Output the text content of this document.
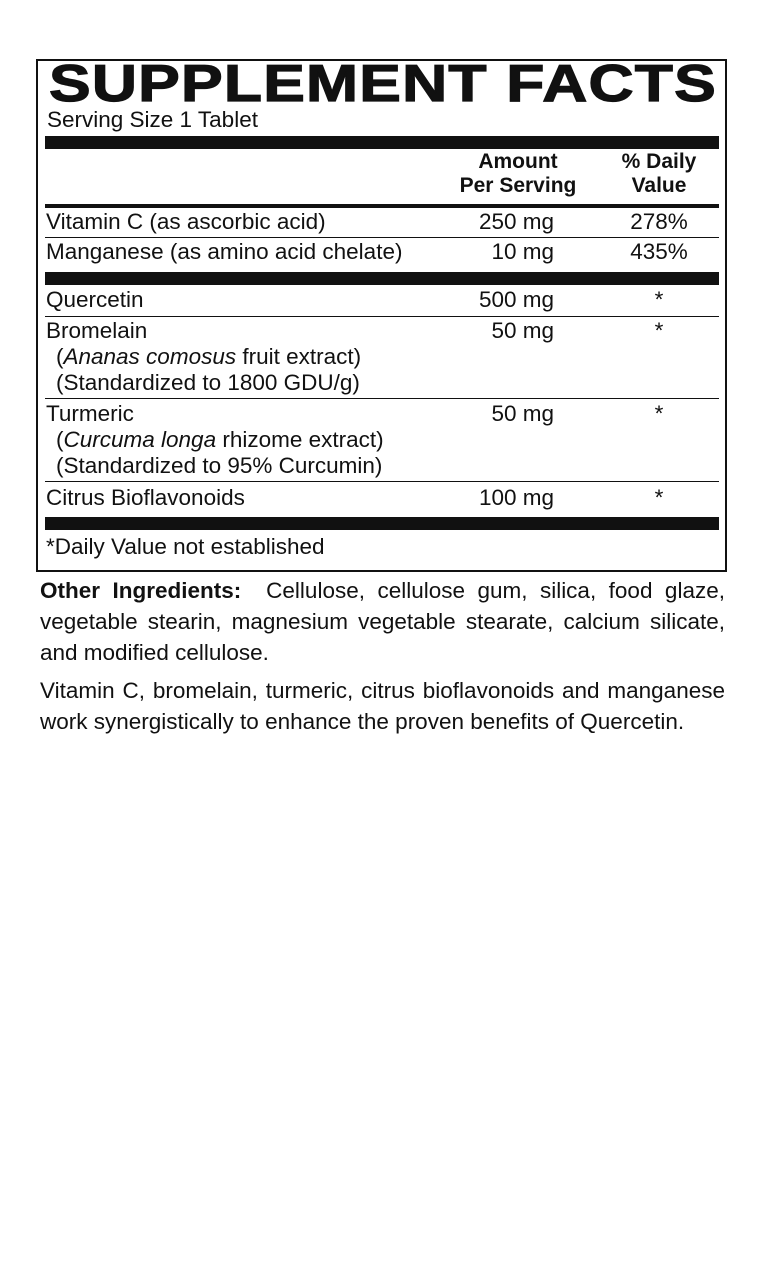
SUPPLEMENT FACTS
Serving Size 1 Tablet
Amount
Per Serving
% Daily
Value
Vitamin C (as ascorbic acid)	250 mg	278%
Manganese (as amino acid chelate)	10 mg	435%
Quercetin	500 mg	*
Bromelain	50 mg	*
(Ananas comosus fruit extract)
(Standardized to 1800 GDU/g)
Turmeric	50 mg	*
(Curcuma longa rhizome extract)
(Standardized to 95% Curcumin)
Citrus Bioflavonoids	100 mg	*
*Daily Value not established

Other Ingredients: Cellulose, cellulose gum, silica, food glaze, vegetable stearin, magnesium vegetable stearate, calcium silicate, and modified cellulose.

Vitamin C, bromelain, turmeric, citrus bioflavonoids and manganese work synergistically to enhance the proven benefits of Quercetin.
